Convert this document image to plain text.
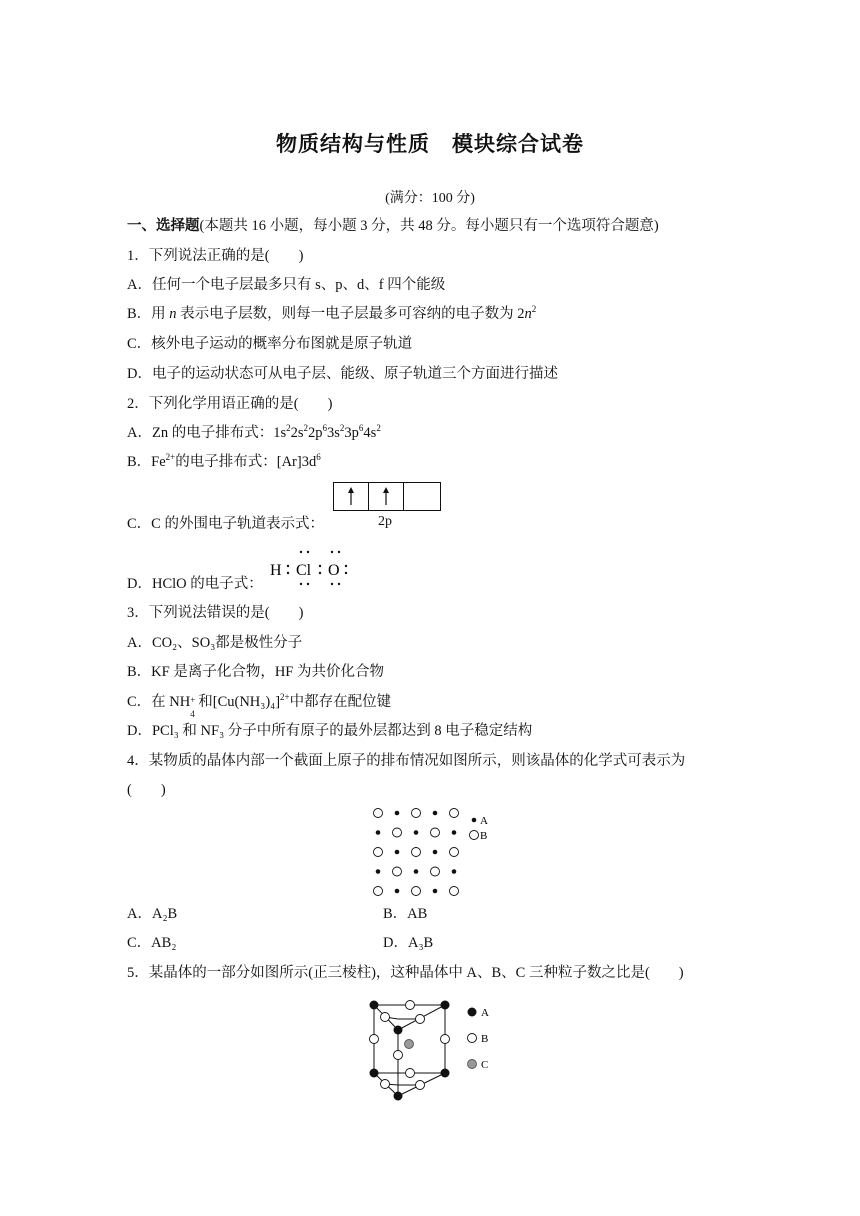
物质结构与性质　模块综合试卷
(满分：100 分)
一、选择题(本题共 16 小题，每小题 3 分，共 48 分。每小题只有一个选项符合题意)
1．下列说法正确的是(　　)
A．任何一个电子层最多只有 s、p、d、f 四个能级
B．用 n 表示电子层数，则每一电子层最多可容纳的电子数为 $2n^2$
C．核外电子运动的概率分布图就是原子轨道
D．电子的运动状态可从电子层、能级、原子轨道三个方面进行描述
2．下列化学用语正确的是(　　)
A．Zn 的电子排布式：$1s^22s^22p^63s^23p^64s^2$
B．$Fe^{2+}$的电子排布式：$[Ar]3d^6$
2p
C．C 的外围电子轨道表示式：
D．HClO 的电子式：
H Cl O
3．下列说法错误的是(　　)
A．CO₂、SO₃都是极性分子
B．KF 是离子化合物，HF 为共价化合物
C．在 NH +
4
和$[Cu(NH_3)_4]^{2+}$中都存在配位键
D．PCl₃ 和 NF₃ 分子中所有原子的最外层都达到 8 电子稳定结构
4．某物质的晶体内部一个截面上原子的排布情况如图所示，则该晶体的化学式可表示为
(　　)
A
B
A．A₂B	B．AB
C．AB₂	D．A₃B
5．某晶体的一部分如图所示(正三棱柱)，这种晶体中 A、B、C 三种粒子数之比是(　　)
A
B
C
